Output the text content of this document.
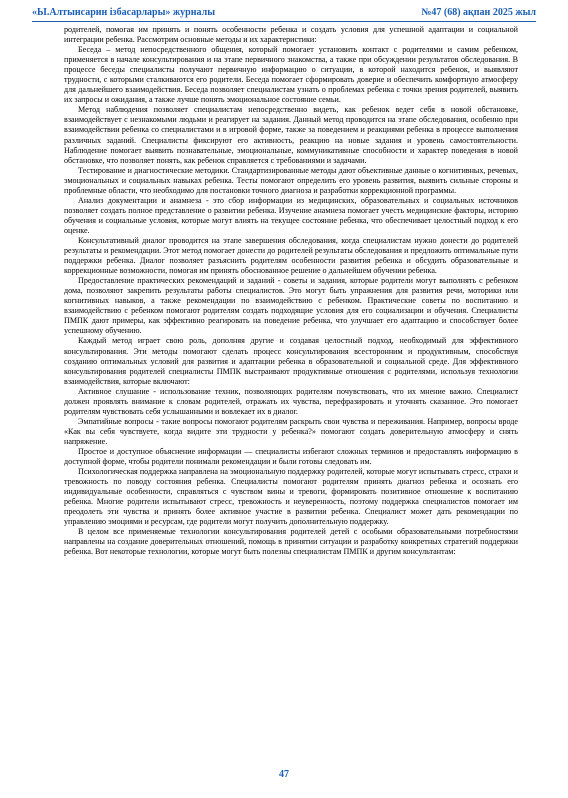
«Ы.Алтынсарин ізбасарлары» журналы	№47 (68) ақпан 2025 жыл

родителей, помогая им принять и понять особенности ребенка и создать условия для успешной адаптации и социальной интеграции ребенка. Рассмотрим основные методы и их характеристики:

Беседа – метод непосредственного общения, который помогает установить контакт с родителями и самим ребенком, применяется в начале консультирования и на этапе первичного знакомства, а также при обсуждении результатов обследования. В процессе беседы специалисты получают первичную информацию о ситуации, в которой находится ребенок, и выявляют трудности, с которыми сталкиваются его родители. Беседа помогает сформировать доверие и обеспечить комфортную атмосферу для дальнейшего взаимодействия. Беседа позволяет специалистам узнать о проблемах ребенка с точки зрения родителей, выявить их запросы и ожидания, а также лучше понять эмоциональное состояние семьи.

Метод наблюдения позволяет специалистам непосредственно видеть, как ребенок ведет себя в новой обстановке, взаимодействует с незнакомыми людьми и реагирует на задания. Данный метод проводится на этапе обследования, особенно при взаимодействии ребенка со специалистами и в игровой форме, также за поведением и реакциями ребенка в процессе выполнения различных заданий. Специалисты фиксируют его активность, реакцию на новые задания и уровень самостоятельности. Наблюдение помогает выявить познавательные, эмоциональные, коммуникативные способности и характер поведения в новой обстановке, что позволяет понять, как ребенок справляется с требованиями и задачами.

Тестирование и диагностические методики. Стандартизированные методы дают объективные данные о когнитивных, речевых, эмоциональных и социальных навыках ребенка. Тесты помогают определить его уровень развития, выявить сильные стороны и проблемные области, что необходимо для постановки точного диагноза и разработки коррекционной программы.

Анализ документации и анамнеза - это сбор информации из медицинских, образовательных и социальных источников позволяет создать полное представление о развитии ребенка. Изучение анамнеза помогает учесть медицинские факторы, историю обучения и социальные условия, которые могут влиять на текущее состояние ребенка, что обеспечивает целостный подход к его оценке.

Консультативный диалог проводится на этапе завершения обследования, когда специалистам нужно донести до родителей результаты и рекомендации. Этот метод помогает донести до родителей результаты обследования и предложить оптимальные пути поддержки ребенка. Диалог позволяет разъяснить родителям особенности развития ребенка и обсудить образовательные и коррекционные возможности, помогая им принять обоснованное решение о дальнейшем обучении ребенка.

Предоставление практических рекомендаций и заданий - советы и задания, которые родители могут выполнять с ребенком дома, позволяют закрепить результаты работы специалистов. Это могут быть упражнения для развития речи, моторики или когнитивных навыков, а также рекомендации по взаимодействию с ребенком. Практические советы по воспитанию и взаимодействию с ребенком помогают родителям создать подходящие условия для его социализации и обучения. Специалисты ПМПК дают примеры, как эффективно реагировать на поведение ребенка, что улучшает его адаптацию и способствует более успешному обучению.

Каждый метод играет свою роль, дополняя другие и создавая целостный подход, необходимый для эффективного консультирования. Эти методы помогают сделать процесс консультирования всесторонним и продуктивным, способствуя созданию оптимальных условий для развития и адаптации ребенка в образовательной и социальной среде. Для эффективного консультирования родителей специалисты ПМПК выстраивают продуктивные отношения с родителями, используя технологии взаимодействия, которые включают:

Активное слушание - использование техник, позволяющих родителям почувствовать, что их мнение важно. Специалист должен проявлять внимание к словам родителей, отражать их чувства, перефразировать и уточнять сказанное. Это помогает родителям чувствовать себя услышанными и вовлекает их в диалог.

Эмпатийные вопросы - такие вопросы помогают родителям раскрыть свои чувства и переживания. Например, вопросы вроде «Как вы себя чувствуете, когда видите эти трудности у ребенка?» помогают создать доверительную атмосферу и снять напряжение.

Простое и доступное объяснение информации — специалисты избегают сложных терминов и предоставлять информацию в доступной форме, чтобы родители понимали рекомендации и были готовы следовать им.

Психологическая поддержка направлена на эмоциональную поддержку родителей, которые могут испытывать стресс, страхи и тревожность по поводу состояния ребенка. Специалисты помогают родителям принять диагноз ребенка и осознать его индивидуальные особенности, справляться с чувством вины и тревоги, формировать позитивное отношение к воспитанию ребенка. Многие родители испытывают стресс, тревожность и неуверенность, поэтому поддержка специалистов помогает им преодолеть эти чувства и принять более активное участие в развитии ребенка. Специалист может дать рекомендации по управлению эмоциями и ресурсам, где родители могут получить дополнительную поддержку.

В целом все применяемые технологии консультирования родителей детей с особыми образовательными потребностями направлены на создание доверительных отношений, помощь в принятии ситуации и разработку конкретных стратегий поддержки ребенка. Вот некоторые технологии, которые могут быть полезны специалистам ПМПК и другим консультантам:

47
